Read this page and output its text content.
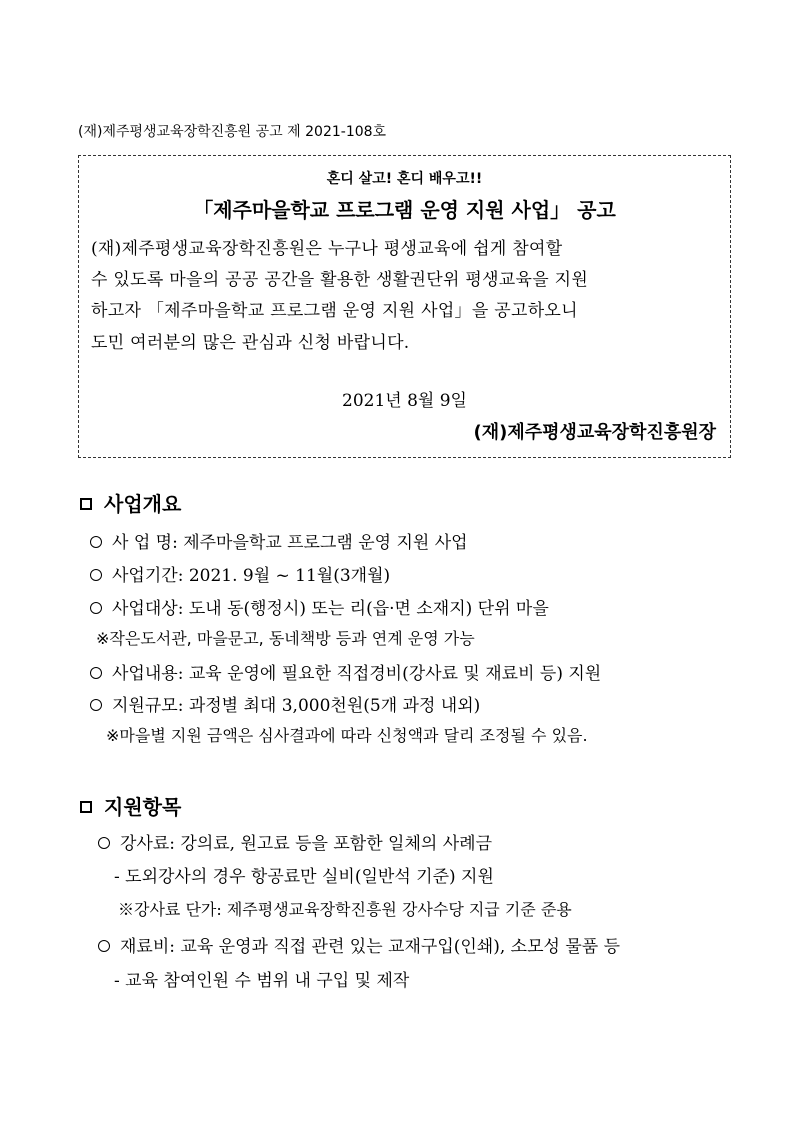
(재)제주평생교육장학진흥원 공고 제 2021-108호
혼디 살고! 혼디 배우고!!
「제주마을학교 프로그램 운영 지원 사업」 공고
(재)제주평생교육장학진흥원은 누구나 평생교육에 쉽게 참여할
수 있도록 마을의 공공 공간을 활용한 생활권단위 평생교육을 지원
하고자 「제주마을학교 프로그램 운영 지원 사업」을 공고하오니
도민 여러분의 많은 관심과 신청 바랍니다.
2021년 8월 9일
(재)제주평생교육장학진흥원장
사업개요
사 업 명: 제주마을학교 프로그램 운영 지원 사업
사업기간: 2021. 9월 ~ 11월(3개월)
사업대상: 도내 동(행정시) 또는 리(읍·면 소재지) 단위 마을
※작은도서관, 마을문고, 동네책방 등과 연계 운영 가능
사업내용: 교육 운영에 필요한 직접경비(강사료 및 재료비 등) 지원
지원규모: 과정별 최대 3,000천원(5개 과정 내외)
※마을별 지원 금액은 심사결과에 따라 신청액과 달리 조정될 수 있음.
지원항목
강사료: 강의료, 원고료 등을 포함한 일체의 사례금
- 도외강사의 경우 항공료만 실비(일반석 기준) 지원
※강사료 단가: 제주평생교육장학진흥원 강사수당 지급 기준 준용
재료비: 교육 운영과 직접 관련 있는 교재구입(인쇄), 소모성 물품 등
- 교육 참여인원 수 범위 내 구입 및 제작
